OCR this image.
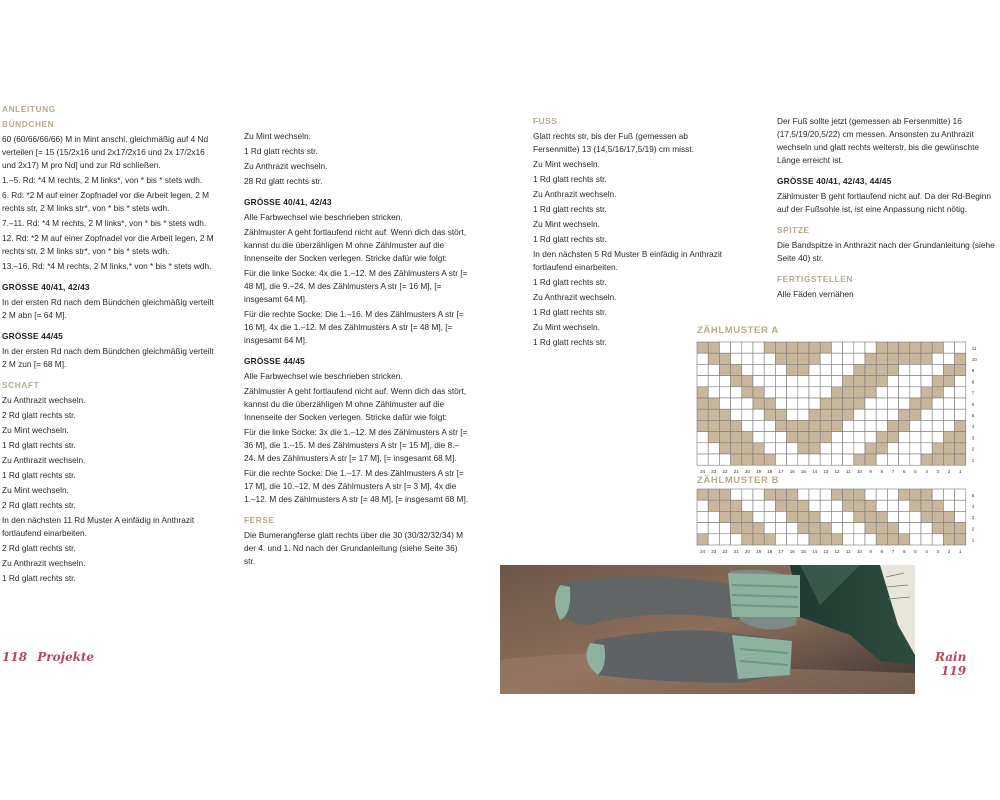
ANLEITUNG

BÜNDCHEN

60 (60/66/66/66) M in Mint anschl, gleichmäßig auf 4 Nd verteilen [= 15 (15/2x16 und 2x17/2x16 und 2x 17/2x16 und 2x17) M pro Nd] und zur Rd schließen.

1.–5. Rd: *4 M rechts, 2 M links*, von * bis * stets wdh.

6. Rd: *2 M auf einer Zopfnadel vor die Arbeit legen, 2 M rechts str, 2 M links str*, von * bis * stets wdh.

7.–11. Rd: *4 M rechts, 2 M links*, von * bis * stets wdh.

12. Rd: *2 M auf einer Zopfnadel vor die Arbeit legen, 2 M rechts str, 2 M links str*, von * bis * stets wdh.

13.–16. Rd: *4 M rechts, 2 M links,* von * bis * stets wdh.

GRÖSSE 40/41, 42/43

In der ersten Rd nach dem Bündchen gleichmäßig verteilt 2 M abn [= 64 M].

GRÖSSE 44/45

In der ersten Rd nach dem Bündchen gleichmäßig verteilt 2 M zun [= 68 M].

SCHAFT

Zu Anthrazit wechseln.

2 Rd glatt rechts str.

Zu Mint wechseln.

1 Rd glatt rechts str.

Zu Anthrazit wechseln.

1 Rd glatt rechts str.

Zu Mint wechseln.

2 Rd glatt rechts str.

In den nächsten 11 Rd Muster A einfädig in Anthrazit fortlaufend einarbeiten.

2 Rd glatt rechts str.

Zu Anthrazit wechseln.

1 Rd glatt rechts str.

Zu Mint wechseln.

1 Rd glatt rechts str.

Zu Anthrazit wechseln.

28 Rd glatt rechts str.

GRÖSSE 40/41, 42/43

Alle Farbwechsel wie beschrieben stricken.

Zählmuster A geht fortlaufend nicht auf. Wenn dich das stört, kannst du die überzähligen M ohne Zählmuster auf die Innenseite der Socken verlegen. Stricke dafür wie folgt:

Für die linke Socke: 4x die 1.–12. M des Zählmusters A str [= 48 M], die 9.–24. M des Zählmusters A str [= 16 M], [= insgesamt 64 M].

Für die rechte Socke: Die 1.–16. M des Zählmusters A str [= 16 M], 4x die 1.–12. M des Zählmusters A str [= 48 M], [= insgesamt 64 M].

GRÖSSE 44/45

Alle Farbwechsel wie beschrieben stricken.

Zählmuster A geht fortlaufend nicht auf. Wenn dich das stört, kannst du die überzähligen M ohne Zählmuster auf die Innenseite der Socken verlegen. Stricke dafür wie folgt:

Für die linke Socke: 3x die 1.–12. M des Zählmusters A str [= 36 M], die 1.–15. M des Zählmusters A str [= 15 M], die 8.–24. M des Zählmusters A str [= 17 M], [= insgesamt 68 M].

Für die rechte Socke: Die 1.–17. M des Zählmusters A str [= 17 M], die 10.–12. M des Zählmusters A str [= 3 M], 4x die 1.–12. M des Zählmusters A str [= 48 M], [= insgesamt 68 M].

FERSE

Die Bumerangferse glatt rechts über die 30 (30/32/32/34) M der 4. und 1. Nd nach der Grundanleitung (siehe Seite 36) str.

FUSS

Glatt rechts str, bis der Fuß (gemessen ab Fersenmitte) 13 (14,5/16/17,5/19) cm misst.

Zu Mint wechseln.

1 Rd glatt rechts str.

Zu Anthrazit wechseln.

1 Rd glatt rechts str.

Zu Mint wechseln.

1 Rd glatt rechts str.

In den nächsten 5 Rd Muster B einfädig in Anthrazit fortlaufend einarbeiten.

1 Rd glatt rechts str.

Zu Anthrazit wechseln.

1 Rd glatt rechts str.

Zu Mint wechseln.

1 Rd glatt rechts str.

Der Fuß sollte jetzt (gemessen ab Fersenmitte) 16 (17,5/19/20,5/22) cm messen. Ansonsten zu Anthrazit wechseln und glatt rechts weiterstr, bis die gewünschte Länge erreicht ist.

GRÖSSE 40/41, 42/43, 44/45

Zählmuster B geht fortlaufend nicht auf. Da der Rd-Beginn auf der Fußsohle ist, ist eine Anpassung nicht nötig.

SPITZE

Die Bandspitze in Anthrazit nach der Grundanleitung (siehe Seite 40) str.

FERTIGSTELLEN

Alle Fäden vernähen

ZÄHLMUSTER A
11
10
9
8
7
6
5
4
3
2
1
24 23 22 21 20 19 18 17 16 15 14 13 12 11 10 9 8 7 6 5 4 3 2 1
ZÄHLMUSTER B
5
4
3
2
1
24 23 22 21 20 19 18 17 16 15 14 13 12 11 10 9 8 7 6 5 4 3 2 1
118 Projekte	Rain 119
